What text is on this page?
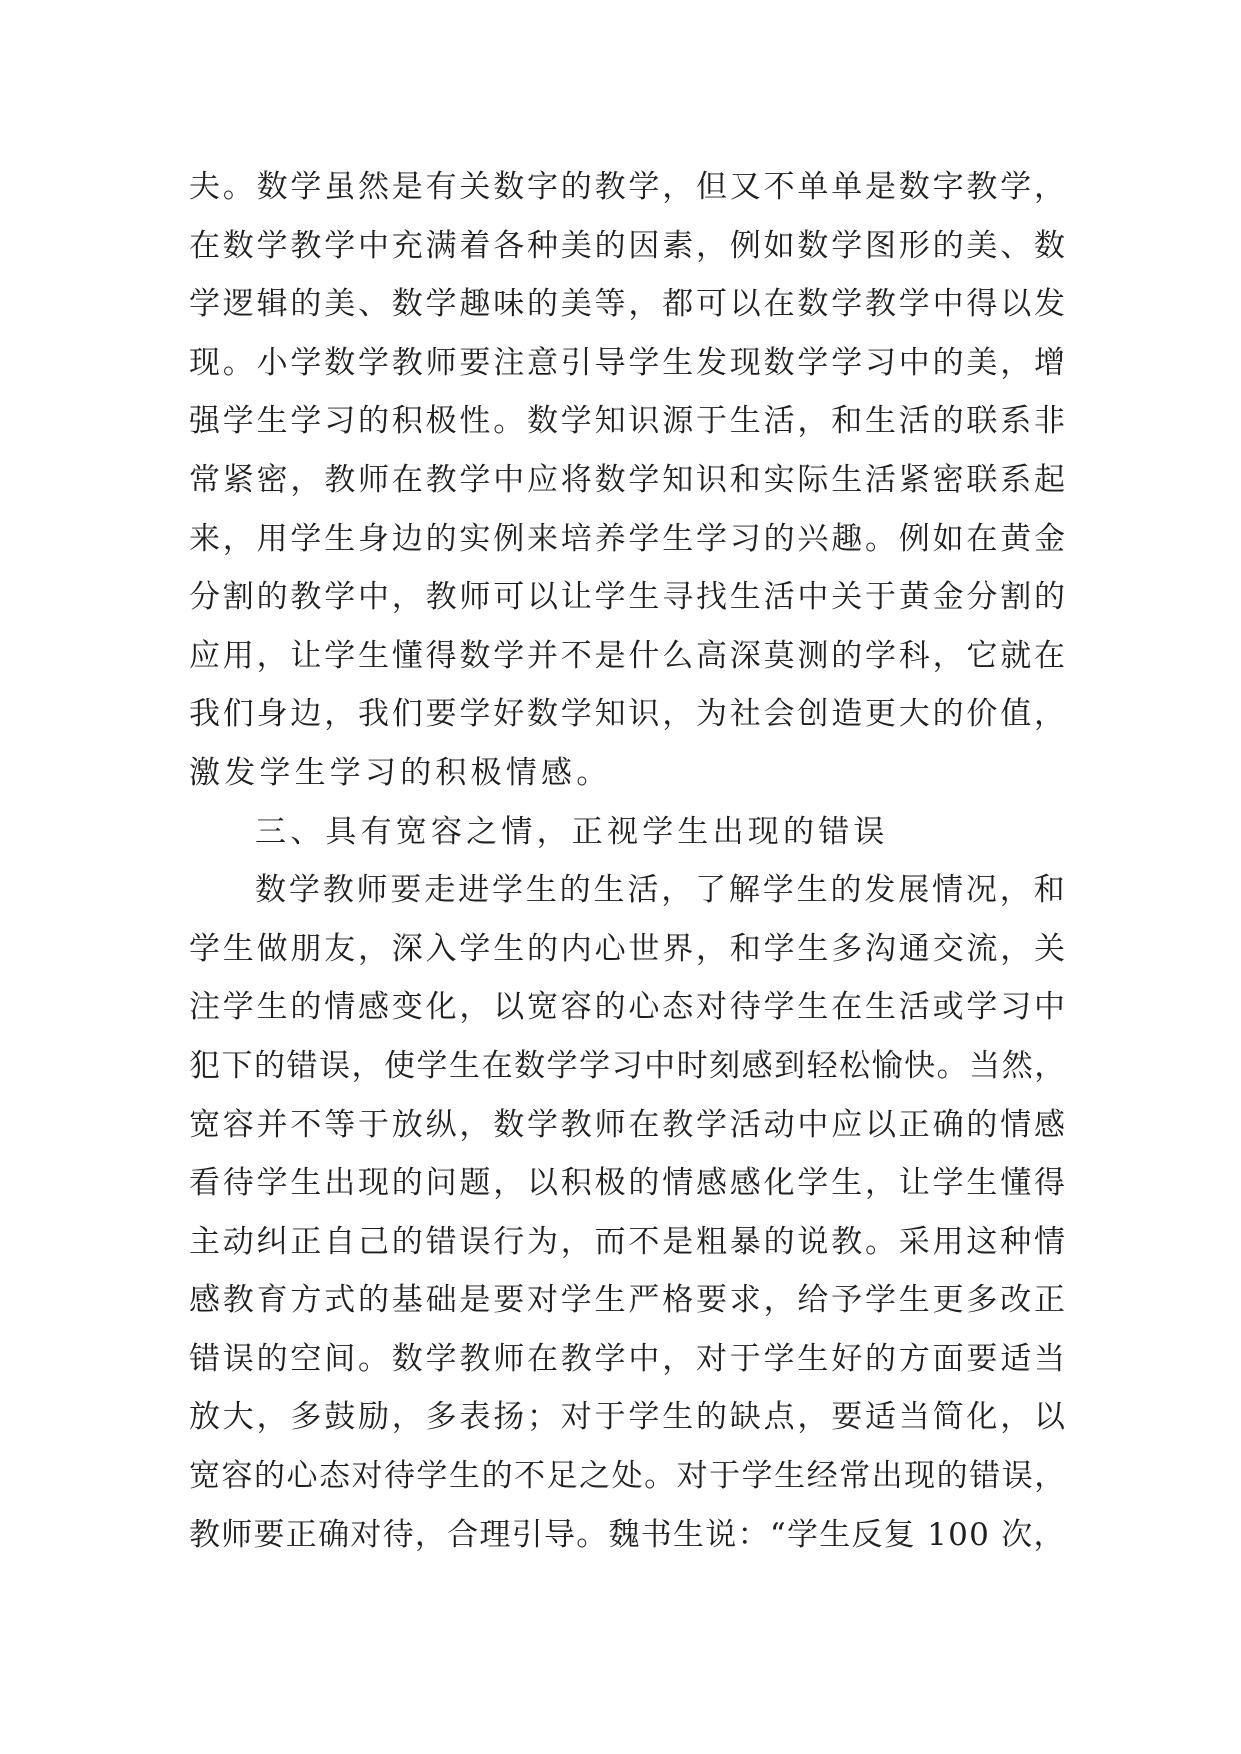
夫。数学虽然是有关数字的教学，但又不单单是数字教学，
在数学教学中充满着各种美的因素，例如数学图形的美、数
学逻辑的美、数学趣味的美等，都可以在数学教学中得以发
现。小学数学教师要注意引导学生发现数学学习中的美，增
强学生学习的积极性。数学知识源于生活，和生活的联系非
常紧密，教师在教学中应将数学知识和实际生活紧密联系起
来，用学生身边的实例来培养学生学习的兴趣。例如在黄金
分割的教学中，教师可以让学生寻找生活中关于黄金分割的
应用，让学生懂得数学并不是什么高深莫测的学科，它就在
我们身边，我们要学好数学知识，为社会创造更大的价值，
激发学生学习的积极情感。
三、具有宽容之情，正视学生出现的错误
数学教师要走进学生的生活，了解学生的发展情况，和
学生做朋友，深入学生的内心世界，和学生多沟通交流，关
注学生的情感变化，以宽容的心态对待学生在生活或学习中
犯下的错误，使学生在数学学习中时刻感到轻松愉快。当然，
宽容并不等于放纵，数学教师在教学活动中应以正确的情感
看待学生出现的问题，以积极的情感感化学生，让学生懂得
主动纠正自己的错误行为，而不是粗暴的说教。采用这种情
感教育方式的基础是要对学生严格要求，给予学生更多改正
错误的空间。数学教师在教学中，对于学生好的方面要适当
放大，多鼓励，多表扬；对于学生的缺点，要适当简化，以
宽容的心态对待学生的不足之处。对于学生经常出现的错误，
教师要正确对待，合理引导。魏书生说：“学生反复 100 次，
